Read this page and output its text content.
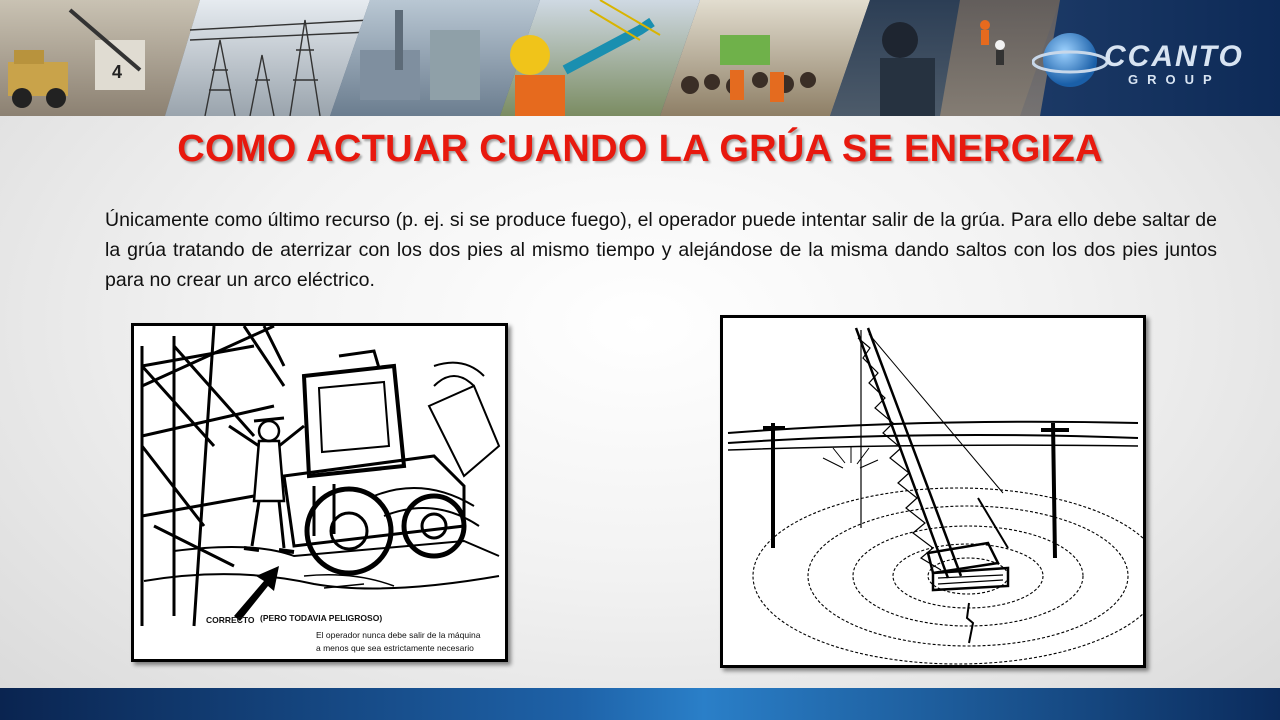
4	CCANTO
GROUP
COMO ACTUAR CUANDO LA GRÚA SE ENERGIZA

Únicamente como último recurso (p. ej. si se produce fuego), el operador puede intentar salir de la grúa. Para ello debe saltar de la grúa tratando de aterrizar con los dos pies al mismo tiempo y alejándose de la misma dando saltos con los dos pies juntos para no crear un arco eléctrico.

CORRECTO (PERO TODAVIA PELIGROSO)
El operador nunca debe salir de la máquina
a menos que sea estrictamente necesario
